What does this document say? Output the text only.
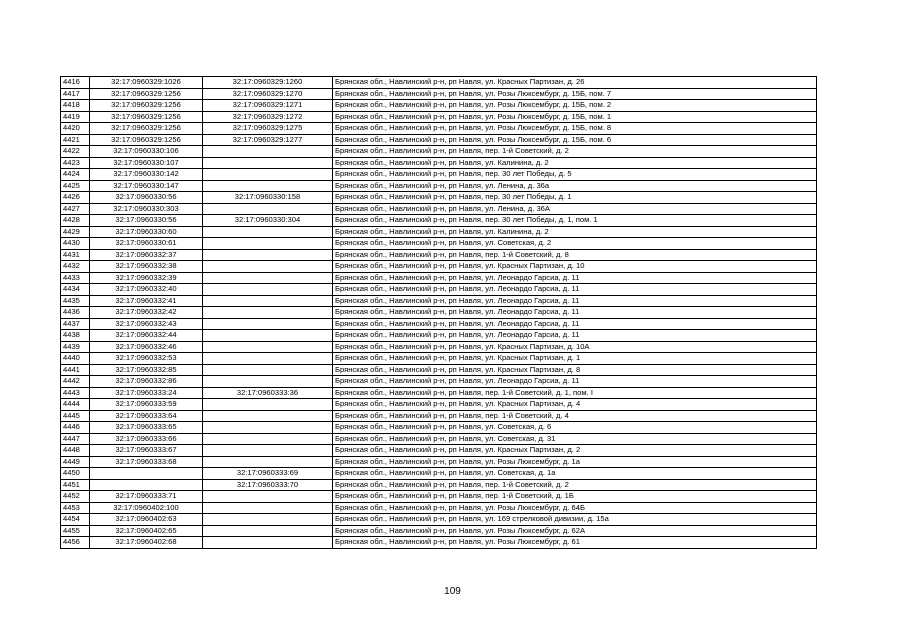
4416	32:17:0960329:1026	32:17:0960329:1260	Брянская обл., Навлинский р-н, рп Навля, ул. Красных Партизан, д. 26
4417	32:17:0960329:1256	32:17:0960329:1270	Брянская обл., Навлинский р-н, рп Навля, ул. Розы Люксембург, д. 15Б, пом. 7
4418	32:17:0960329:1256	32:17:0960329:1271	Брянская обл., Навлинский р-н, рп Навля, ул. Розы Люксембург, д. 15Б, пом. 2
4419	32:17:0960329:1256	32:17:0960329:1272	Брянская обл., Навлинский р-н, рп Навля, ул. Розы Люксембург, д. 15Б, пом. 1
4420	32:17:0960329:1256	32:17:0960329:1275	Брянская обл., Навлинский р-н, рп Навля, ул. Розы Люксембург, д. 15Б, пом. 8
4421	32:17:0960329:1256	32:17:0960329:1277	Брянская обл., Навлинский р-н, рп Навля, ул. Розы Люксембург, д. 15Б, пом. 6
4422	32:17:0960330:106		Брянская обл., Навлинский р-н, рп Навля, пер. 1-й Советский, д. 2
4423	32:17:0960330:107		Брянская обл., Навлинский р-н, рп Навля, ул. Калинина, д. 2
4424	32:17:0960330:142		Брянская обл., Навлинский р-н, рп Навля, пер. 30 лет Победы, д. 5
4425	32:17:0960330:147		Брянская обл., Навлинский р-н, рп Навля, ул. Ленина, д. 36а
4426	32:17:0960330:56	32:17:0960330:158	Брянская обл., Навлинский р-н, рп Навля, пер. 30 лет Победы, д. 1
4427	32:17:0960330:303		Брянская обл., Навлинский р-н, рп Навля, ул. Ленина, д. 36А
4428	32:17:0960330:56	32:17:0960330:304	Брянская обл., Навлинский р-н, рп Навля, пер. 30 лет Победы, д. 1, пом. 1
4429	32:17:0960330:60		Брянская обл., Навлинский р-н, рп Навля, ул. Калинина, д. 2
4430	32:17:0960330:61		Брянская обл., Навлинский р-н, рп Навля, ул. Советская, д. 2
4431	32:17:0960332:37		Брянская обл., Навлинский р-н, рп Навля, пер. 1-й Советский, д. 8
4432	32:17:0960332:38		Брянская обл., Навлинский р-н, рп Навля, ул. Красных Партизан, д. 10
4433	32:17:0960332:39		Брянская обл., Навлинский р-н, рп Навля, ул. Леонардо Гарсиа, д. 11
4434	32:17:0960332:40		Брянская обл., Навлинский р-н, рп Навля, ул. Леонардо Гарсиа, д. 11
4435	32:17:0960332:41		Брянская обл., Навлинский р-н, рп Навля, ул. Леонардо Гарсиа, д. 11
4436	32:17:0960332:42		Брянская обл., Навлинский р-н, рп Навля, ул. Леонардо Гарсиа, д. 11
4437	32:17:0960332:43		Брянская обл., Навлинский р-н, рп Навля, ул. Леонардо Гарсиа, д. 11
4438	32:17:0960332:44		Брянская обл., Навлинский р-н, рп Навля, ул. Леонардо Гарсиа, д. 11
4439	32:17:0960332:46		Брянская обл., Навлинский р-н, рп Навля, ул. Красных Партизан, д. 10А
4440	32:17:0960332:53		Брянская обл., Навлинский р-н, рп Навля, ул. Красных Партизан, д. 1
4441	32:17:0960332:85		Брянская обл., Навлинский р-н, рп Навля, ул. Красных Партизан, д. 8
4442	32:17:0960332:86		Брянская обл., Навлинский р-н, рп Навля, ул. Леонардо Гарсиа, д. 11
4443	32:17:0960333:24	32:17:0960333:36	Брянская обл., Навлинский р-н, рп Навля, пер. 1-й Советский, д. 1, пом. I
4444	32:17:0960333:59		Брянская обл., Навлинский р-н, рп Навля, ул. Красных Партизан, д. 4
4445	32:17:0960333:64		Брянская обл., Навлинский р-н, рп Навля, пер. 1-й Советский, д. 4
4446	32:17:0960333:65		Брянская обл., Навлинский р-н, рп Навля, ул. Советская, д. 6
4447	32:17:0960333:66		Брянская обл., Навлинский р-н, рп Навля, ул. Советская, д. 31
4448	32:17:0960333:67		Брянская обл., Навлинский р-н, рп Навля, ул. Красных Партизан, д. 2
4449	32:17:0960333:68		Брянская обл., Навлинский р-н, рп Навля, ул. Розы Люксембург, д. 1а
4450		32:17:0960333:69	Брянская обл., Навлинский р-н, рп Навля, ул. Советская, д. 1а
4451		32:17:0960333:70	Брянская обл., Навлинский р-н, рп Навля, пер. 1-й Советский, д. 2
4452	32:17:0960333:71		Брянская обл., Навлинский р-н, рп Навля, пер. 1-й Советский, д. 1Б
4453	32:17:0960402:100		Брянская обл., Навлинский р-н, рп Навля, ул. Розы Люксембург, д. 64Б
4454	32:17:0960402:63		Брянская обл., Навлинский р-н, рп Навля, ул. 169 стрелковой дивизии, д. 15а
4455	32:17:0960402:65		Брянская обл., Навлинский р-н, рп Навля, ул. Розы Люксембург, д. 62А
4456	32:17:0960402:68		Брянская обл., Навлинский р-н, рп Навля, ул. Розы Люксембург, д. 61
109
